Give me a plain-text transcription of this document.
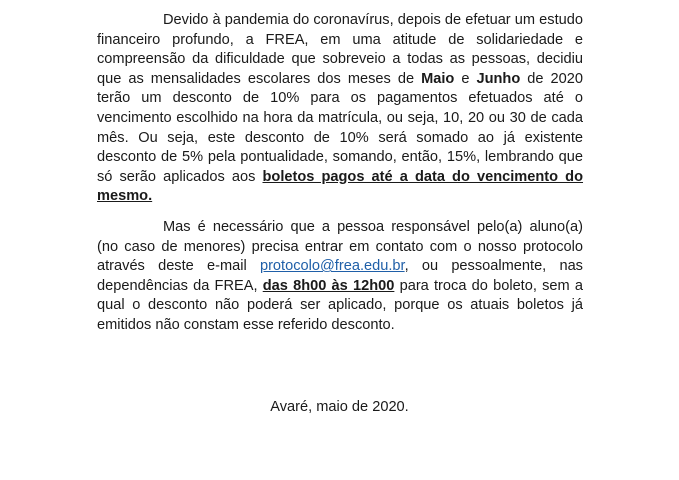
Devido à pandemia do coronavírus, depois de efetuar um estudo financeiro profundo, a FREA, em uma atitude de solidariedade e compreensão da dificuldade que sobreveio a todas as pessoas, decidiu que as mensalidades escolares dos meses de Maio e Junho de 2020 terão um desconto de 10% para os pagamentos efetuados até o vencimento escolhido na hora da matrícula, ou seja, 10, 20 ou 30 de cada mês. Ou seja, este desconto de 10% será somado ao já existente desconto de 5% pela pontualidade, somando, então, 15%, lembrando que só serão aplicados aos boletos pagos até a data do vencimento do mesmo.

Mas é necessário que a pessoa responsável pelo(a) aluno(a) (no caso de menores) precisa entrar em contato com o nosso protocolo através deste e-mail protocolo@frea.edu.br, ou pessoalmente, nas dependências da FREA, das 8h00 às 12h00 para troca do boleto, sem a qual o desconto não poderá ser aplicado, porque os atuais boletos já emitidos não constam esse referido desconto.

Avaré, maio de 2020.
